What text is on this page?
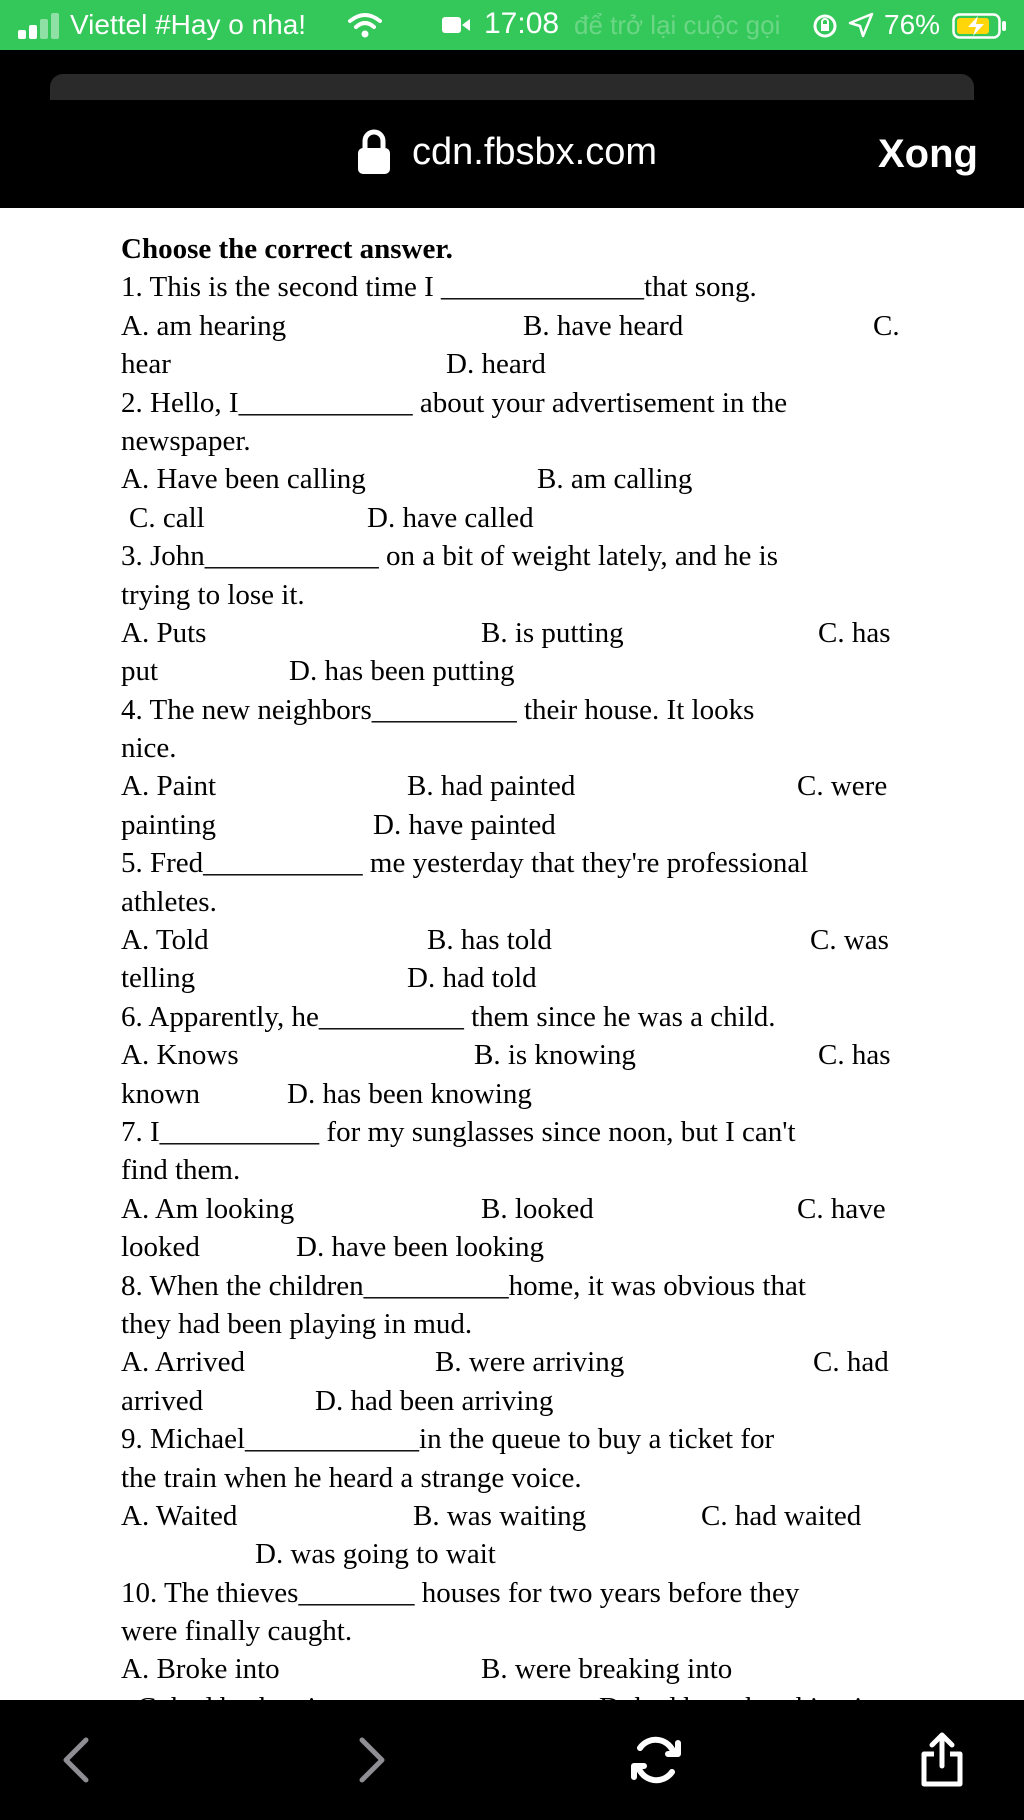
Viettel #Hay o nha!	17:08 để trở lại cuộc gọi	76%
cdn.fbsbx.com	Xong
Choose the correct answer.
1. This is the second time I ______________that song.
A. am hearing	B. have heard	C.
hear	D. heard
2. Hello, I____________ about your advertisement in the
newspaper.
A. Have been calling	B. am calling
C. call	D. have called
3. John____________ on a bit of weight lately, and he is
trying to lose it.
A. Puts	B. is putting	C. has
put	D. has been putting
4. The new neighbors__________ their house. It looks
nice.
A. Paint	B. had painted	C. were
painting	D. have painted
5. Fred___________ me yesterday that they're professional
athletes.
A. Told	B. has told	C. was
telling	D. had told
6. Apparently, he__________ them since he was a child.
A. Knows	B. is knowing	C. has
known	D. has been knowing
7. I___________ for my sunglasses since noon, but I can't
find them.
A. Am looking	B. looked	C. have
looked	D. have been looking
8. When the children__________home, it was obvious that
they had been playing in mud.
A. Arrived	B. were arriving	C. had
arrived	D. had been arriving
9. Michael____________in the queue to buy a ticket for
the train when he heard a strange voice.
A. Waited	B. was waiting	C. had waited
D. was going to wait
10. The thieves________ houses for two years before they
were finally caught.
A. Broke into	B. were breaking into
